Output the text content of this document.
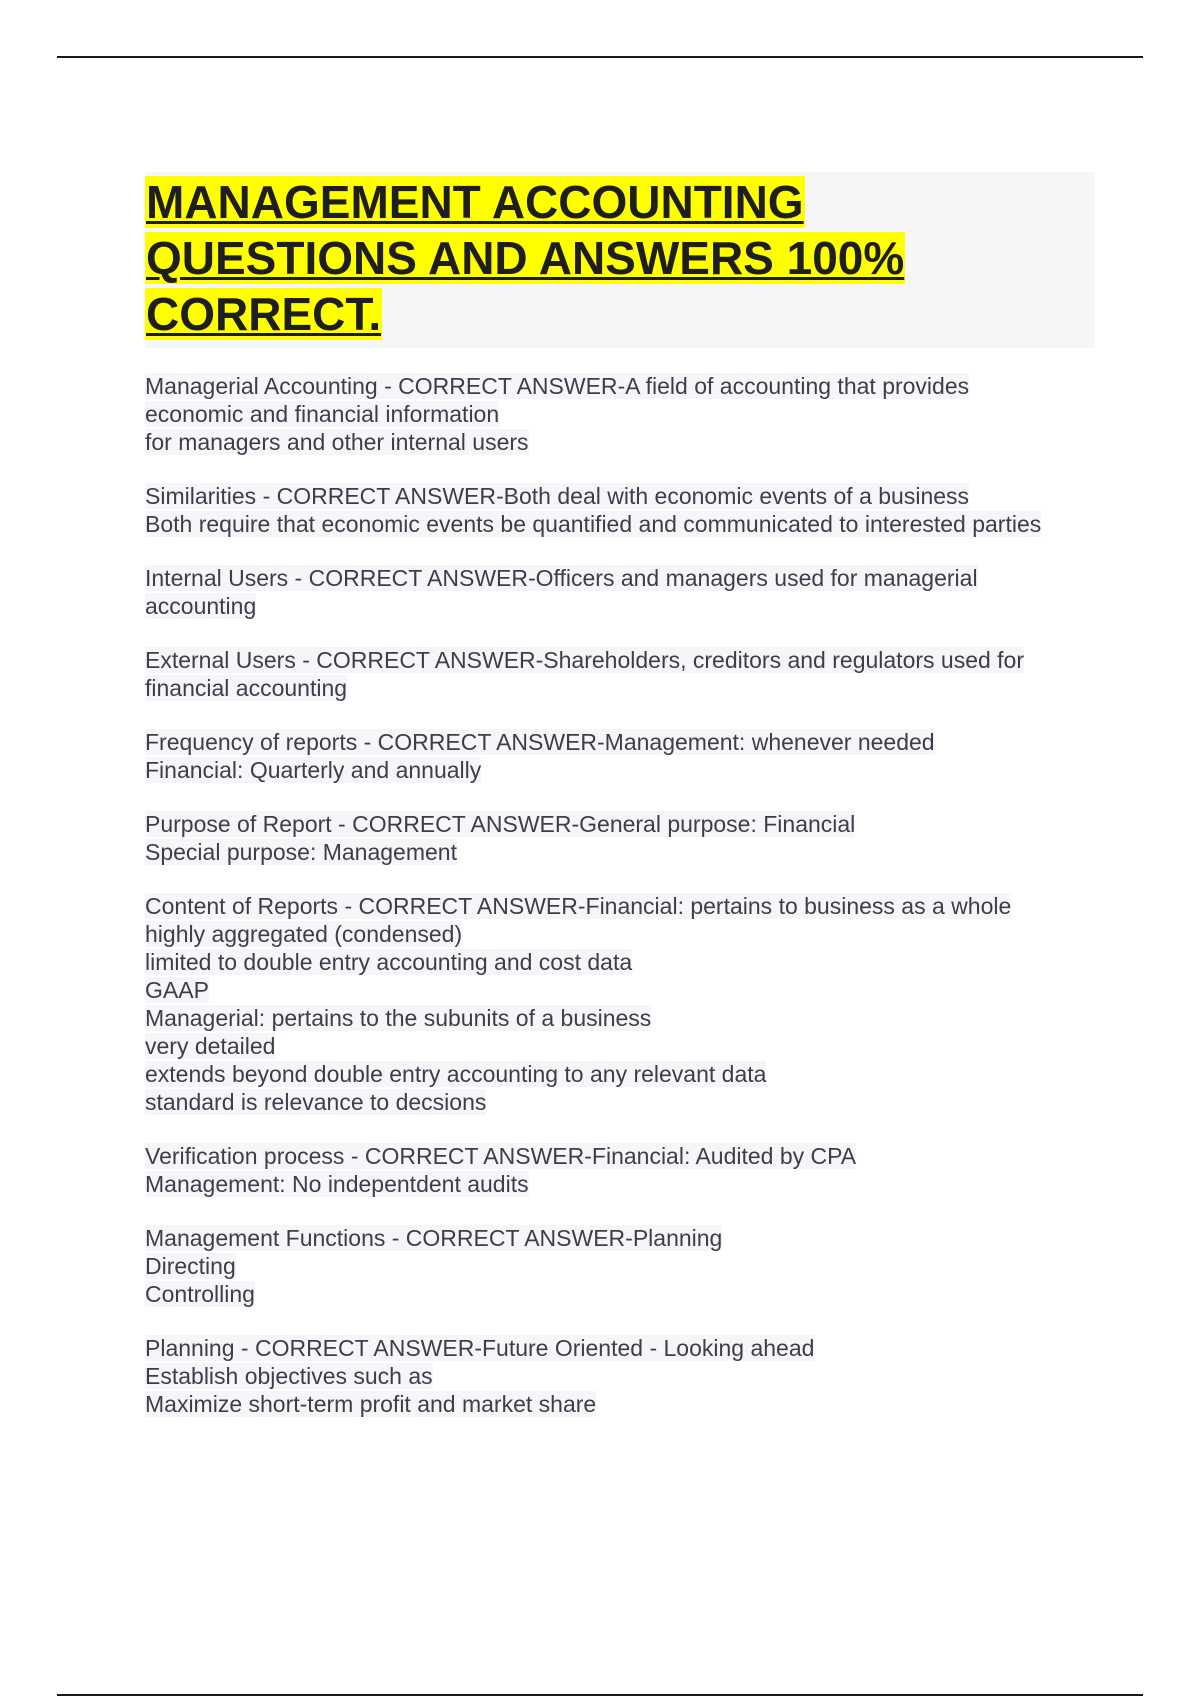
MANAGEMENT ACCOUNTING
QUESTIONS AND ANSWERS 100%
CORRECT.
Managerial Accounting - CORRECT ANSWER-A field of accounting that provides
economic and financial information
for managers and other internal users
Similarities - CORRECT ANSWER-Both deal with economic events of a business
Both require that economic events be quantified and communicated to interested parties
Internal Users - CORRECT ANSWER-Officers and managers used for managerial
accounting
External Users - CORRECT ANSWER-Shareholders, creditors and regulators used for
financial accounting
Frequency of reports - CORRECT ANSWER-Management: whenever needed
Financial: Quarterly and annually
Purpose of Report - CORRECT ANSWER-General purpose: Financial
Special purpose: Management
Content of Reports - CORRECT ANSWER-Financial: pertains to business as a whole
highly aggregated (condensed)
limited to double entry accounting and cost data
GAAP
Managerial: pertains to the subunits of a business
very detailed
extends beyond double entry accounting to any relevant data
standard is relevance to decsions
Verification process - CORRECT ANSWER-Financial: Audited by CPA
Management: No indepentdent audits
Management Functions - CORRECT ANSWER-Planning
Directing
Controlling
Planning - CORRECT ANSWER-Future Oriented - Looking ahead
Establish objectives such as
Maximize short-term profit and market share
